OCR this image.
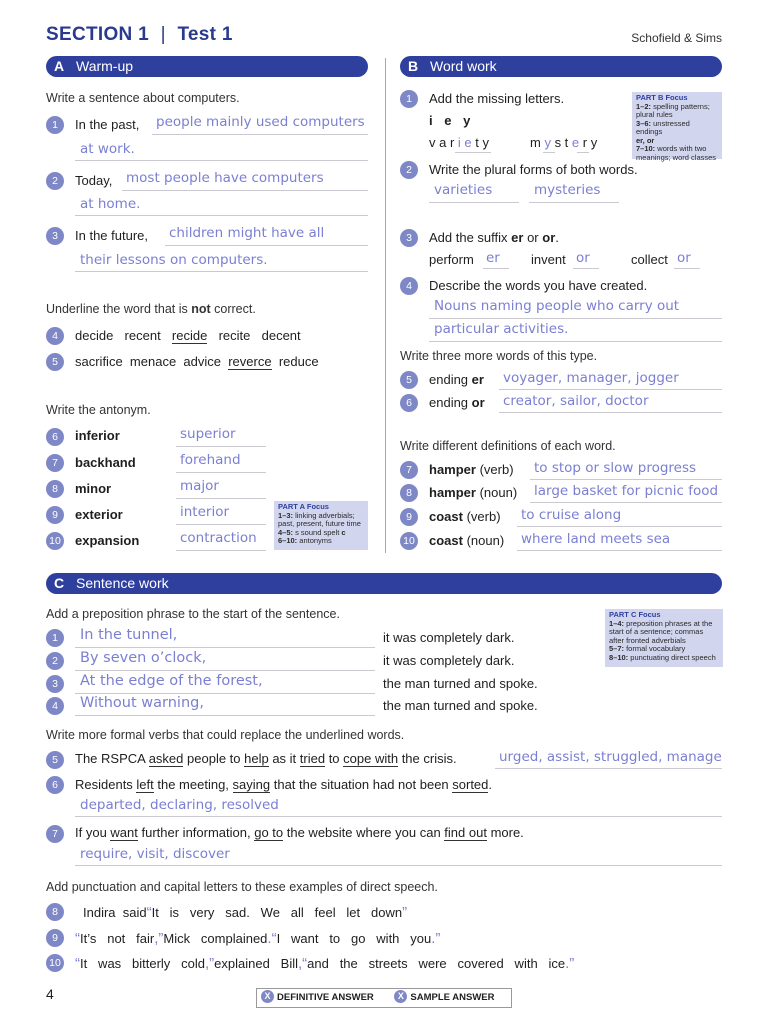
SECTION 1 | Test 1	Schofield & Sims
A Warm-up
Write a sentence about computers.
1	In the past, people mainly used computers
at work.
2	Today, most people have computers
at home.
3	In the future, children might have all
their lessons on computers.
Underline the word that is not correct.
4	decide recent recide recite decent
5	sacrifice menace advice reverce reduce
Write the antonym.
6	inferior	superior
7	backhand	forehand
8	minor	major
9	exterior	interior
10 expansion	contraction
PART A Focus
1–3: linking adverbials;
past, present, future time
4–5: s sound spelt c
6–10: antonyms
B Word work
1	Add the missing letters.
i e y
v a r i e t y	m y s t e r y
PART B Focus
1–2: spelling patterns;
plural rules
3–6: unstressed endings
er, or
7–10: words with two
meanings; word classes
2	Write the plural forms of both words.
varieties	mysteries
3	Add the suffix er or or.
perform er invent or	collect or
4	Describe the words you have created.
Nouns naming people who carry out
particular activities.
Write three more words of this type.
5	ending er voyager, manager, jogger
6	ending or creator, sailor, doctor
Write different definitions of each word.
7	hamper (verb) to stop or slow progress
8	hamper (noun) large basket for picnic food
9	coast (verb) to cruise along
10 coast (noun) where land meets sea
C Sentence work
Add a preposition phrase to the start of the sentence.	PART C Focus
1–4: preposition phrases at the
start of a sentence; commas
after fronted adverbials
5–7: formal vocabulary
8–10: punctuating direct speech
1	In the tunnel,	it was completely dark.
2	By seven o’clock,	it was completely dark.
3	At the edge of the forest,	the man turned and spoke.
4	Without warning,	the man turned and spoke.
Write more formal verbs that could replace the underlined words.
5	The RSPCA asked people to help as it tried to cope with the crisis.	urged, assist, struggled, manage
6	Residents left the meeting, saying that the situation had not been sorted.
departed, declaring, resolved
7	If you want further information, go to the website where you can find out more.
require, visit, discover
Add punctuation and capital letters to these examples of direct speech.
8	Indira  said“It   is   very   sad.   We   all   feel   let   down”
9	“It’s   not   fair,”Mick   complained.“I   want   to   go   with   you.”
10 “It   was   bitterly   cold,”explained   Bill,“and   the   streets   were   covered   with   ice.”
4	X DEFINITIVE ANSWER	X SAMPLE ANSWER
